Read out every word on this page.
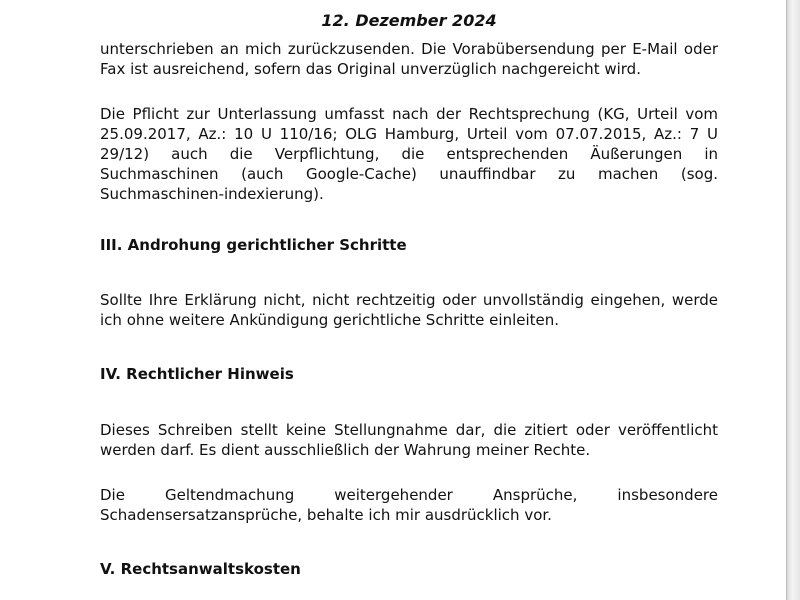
12. Dezember 2024

unterschrieben an mich zurückzusenden. Die Vorabübersendung per E-Mail oder Fax ist ausreichend, sofern das Original unverzüglich nachgereicht wird.

Die Pflicht zur Unterlassung umfasst nach der Rechtsprechung (KG, Urteil vom 25.09.2017, Az.: 10 U 110/16; OLG Hamburg, Urteil vom 07.07.2015, Az.: 7 U 29/12) auch die Verpflichtung, die entsprechenden Äußerungen in Suchmaschinen (auch Google-Cache) unauffindbar zu machen (sog. Suchmaschinen-indexierung).

III. Androhung gerichtlicher Schritte

Sollte Ihre Erklärung nicht, nicht rechtzeitig oder unvollständig eingehen, werde ich ohne weitere Ankündigung gerichtliche Schritte einleiten.

IV. Rechtlicher Hinweis

Dieses Schreiben stellt keine Stellungnahme dar, die zitiert oder veröffentlicht werden darf. Es dient ausschließlich der Wahrung meiner Rechte.

Die Geltendmachung weitergehender Ansprüche, insbesondere Schadensersatzansprüche, behalte ich mir ausdrücklich vor.

V. Rechtsanwaltskosten
